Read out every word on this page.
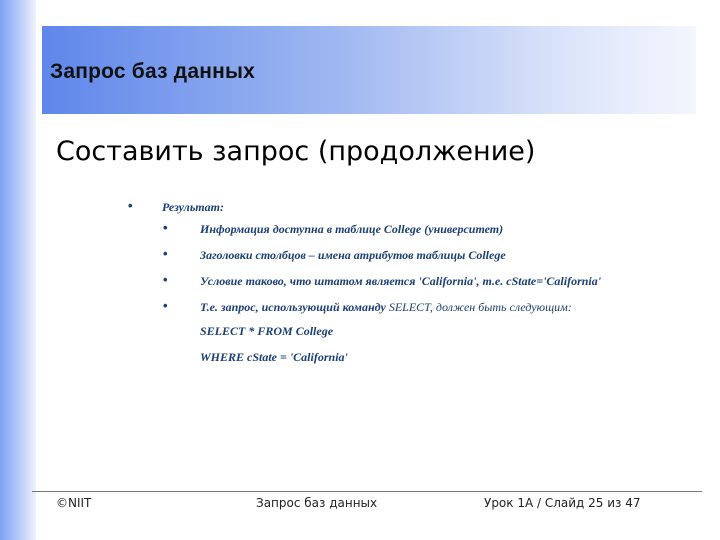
Запрос баз данных
Составить запрос (продолжение)
• Результат:
•	Информация доступна в таблице College (университет)
•	Заголовки столбцов – имена атрибутов таблицы College
•	Условие таково, что штатом является 'California', т.е. cState='California'
•	Т.е. запрос, использующий команду SELECT, должен быть следующим:
SELECT * FROM College
WHERE cState = 'California'
©NIIT	Запрос баз данных	Урок 1А / Слайд 25 из 47
